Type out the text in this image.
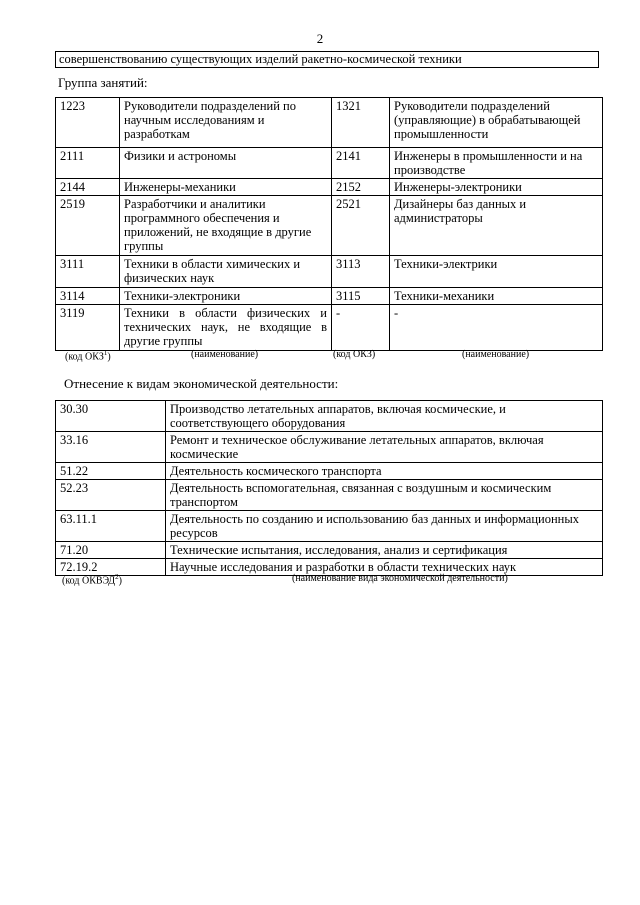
2
совершенствованию существующих изделий ракетно-космической техники
Группа занятий:
1223	Руководители подразделений по научным исследованиям и разработкам	1321	Руководители подразделений (управляющие) в обрабатывающей промышленности
2111	Физики и астрономы	2141	Инженеры в промышленности и на производстве
2144	Инженеры-механики	2152	Инженеры-электроники
2519	Разработчики и аналитики программного обеспечения и приложений, не входящие в другие группы	2521	Дизайнеры баз данных и администраторы
3111	Техники в области химических и физических наук	3113	Техники-электрики
3114	Техники-электроники	3115	Техники-механики
3119	Техники в области физических и технических наук, не входящие в другие группы	-	-
(код ОКЗ$^1$)	(наименование)	(код ОКЗ)	(наименование)
Отнесение к видам экономической деятельности:
30.30	Производство летательных аппаратов, включая космические, и соответствующего оборудования
33.16	Ремонт и техническое обслуживание летательных аппаратов, включая космические
51.22	Деятельность космического транспорта
52.23	Деятельность вспомогательная, связанная с воздушным и космическим транспортом
63.11.1	Деятельность по созданию и использованию баз данных и информационных ресурсов
71.20	Технические испытания, исследования, анализ и сертификация
72.19.2	Научные исследования и разработки в области технических наук
(код ОКВЭД$^2$)	(наименование вида экономической деятельности)
